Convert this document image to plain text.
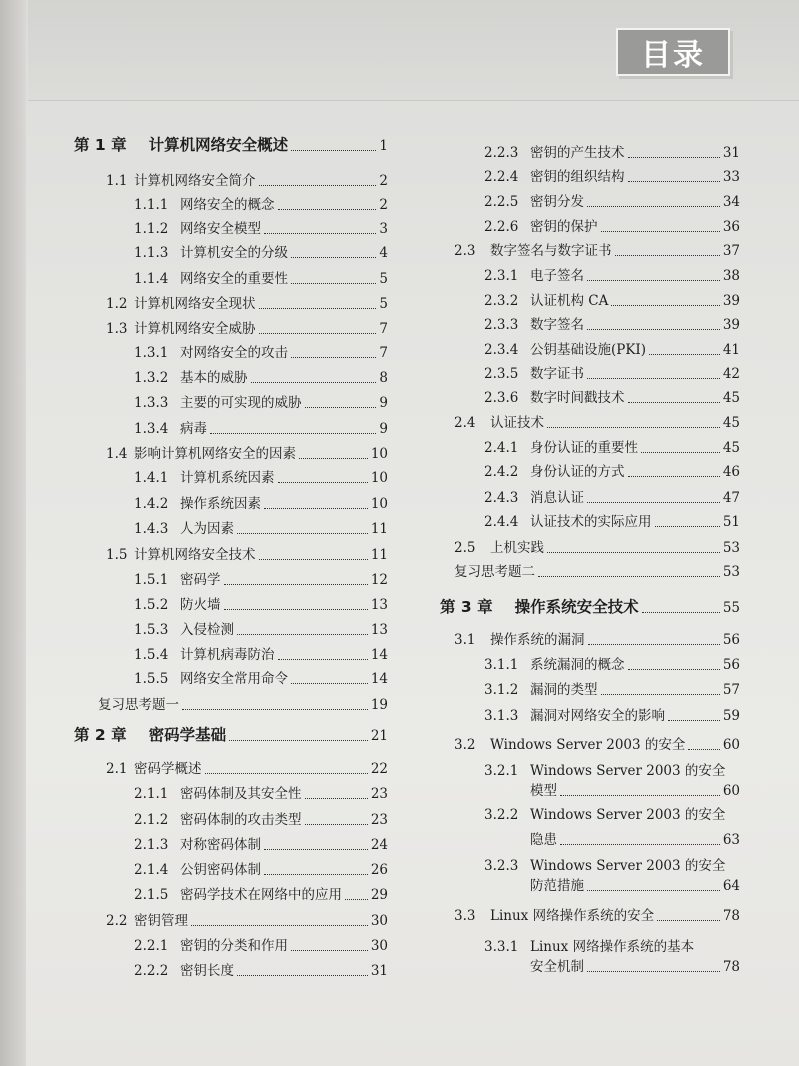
目录
第 1 章 计算机网络安全概述	1
1.1 计算机网络安全简介	2
1.1.1 网络安全的概念	2
1.1.2 网络安全模型	3
1.1.3 计算机安全的分级	4
1.1.4 网络安全的重要性	5
1.2 计算机网络安全现状	5
1.3 计算机网络安全威胁	7
1.3.1 对网络安全的攻击	7
1.3.2 基本的威胁	8
1.3.3 主要的可实现的威胁	9
1.3.4 病毒	9
1.4 影响计算机网络安全的因素	10
1.4.1 计算机系统因素	10
1.4.2 操作系统因素	10
1.4.3 人为因素	11
1.5 计算机网络安全技术	11
1.5.1 密码学	12
1.5.2 防火墙	13
1.5.3 入侵检测	13
1.5.4 计算机病毒防治	14
1.5.5 网络安全常用命令	14
复习思考题一	19
第 2 章 密码学基础	21
2.1 密码学概述	22
2.1.1 密码体制及其安全性	23
2.1.2 密码体制的攻击类型	23
2.1.3 对称密码体制	24
2.1.4 公钥密码体制	26
2.1.5 密码学技术在网络中的应用 29
2.2 密钥管理	30
2.2.1 密钥的分类和作用	30
2.2.2 密钥长度	31
2.2.3 密钥的产生技术	31
2.2.4 密钥的组织结构	33
2.2.5 密钥分发	34
2.2.6 密钥的保护	36
2.3	数字签名与数字证书	37
2.3.1 电子签名	38
2.3.2 认证机构 CA	39
2.3.3 数字签名	39
2.3.4 公钥基础设施(PKI)	41
2.3.5 数字证书	42
2.3.6 数字时间戳技术	45
2.4	认证技术	45
2.4.1 身份认证的重要性	45
2.4.2 身份认证的方式	46
2.4.3 消息认证	47
2.4.4 认证技术的实际应用	51
2.5	上机实践	53
复习思考题二	53
第 3 章 操作系统安全技术	55
3.1	操作系统的漏洞	56
3.1.1 系统漏洞的概念	56
3.1.2 漏洞的类型	57
3.1.3 漏洞对网络安全的影响	59
3.2	Windows Server 2003 的安全	60
3.2.1 Windows Server 2003 的安全
模型	60
3.2.2 Windows Server 2003 的安全
隐患	63
3.2.3 Windows Server 2003 的安全
防范措施	64
3.3	Linux 网络操作系统的安全	78
3.3.1 Linux 网络操作系统的基本
安全机制	78
